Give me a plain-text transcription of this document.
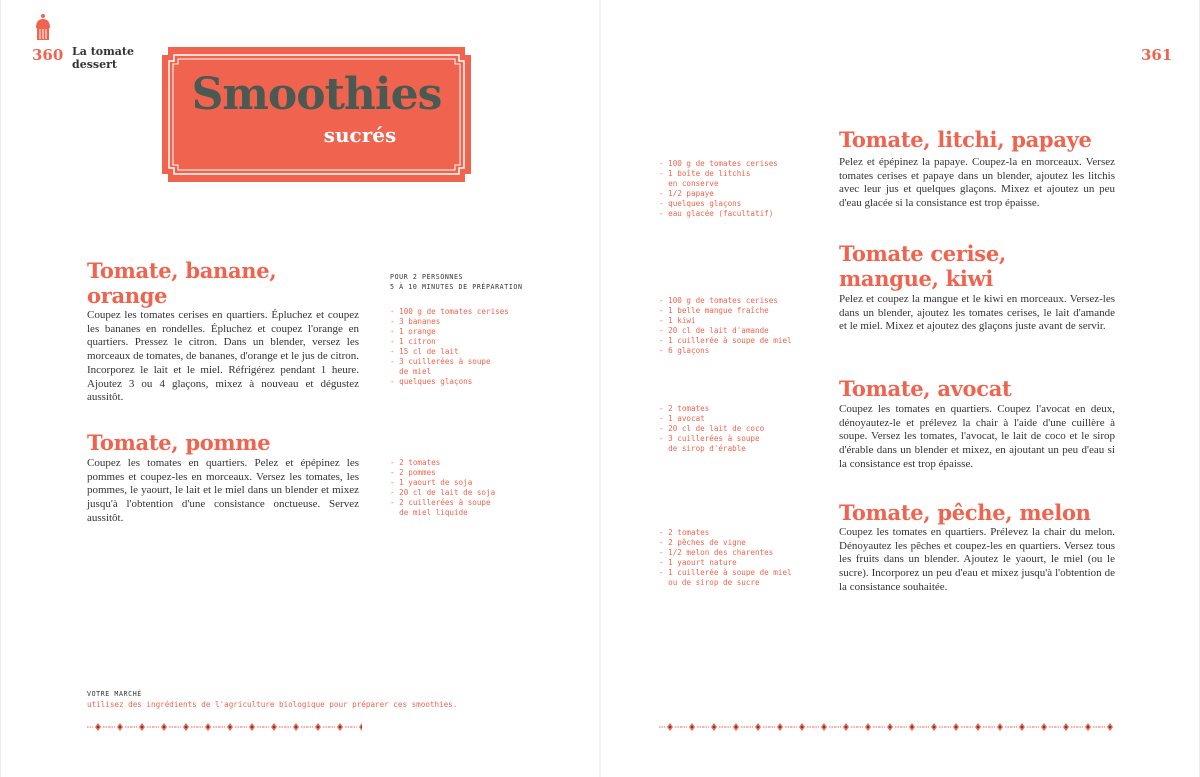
360 La tomate dessert
Smoothies
sucrés
Tomate, banane, orange
Coupez les tomates cerises en quartiers. Épluchez et coupez les bananes en rondelles. Épluchez et coupez l'orange en quartiers. Pressez le citron. Dans un blender, versez les morceaux de tomates, de bananes, d'orange et le jus de citron. Incorporez le lait et le miel. Réfrigérez pendant 1 heure. Ajoutez 3 ou 4 glaçons, mixez à nouveau et dégustez aussitôt.
POUR 2 PERSONNES
5 À 10 MINUTES DE PRÉPARATION
- 100 g de tomates cerises
- 3 bananes
- 1 orange
- 1 citron
- 15 cl de lait
- 3 cuillerées à soupe
de miel
- quelques glaçons
Tomate, pomme
Coupez les tomates en quartiers. Pelez et épépinez les pommes et coupez-les en morceaux. Versez les tomates, les pommes, le yaourt, le lait et le miel dans un blender et mixez jusqu'à l'obtention d'une consistance onctueuse. Servez aussitôt.
- 2 tomates
- 2 pommes
- 1 yaourt de soja
- 20 cl de lait de soja
- 2 cuillerées à soupe
de miel liquide
VOTRE MARCHÉ
utilisez des ingrédients de l'agriculture biologique pour préparer ces smoothies.
361
- 100 g de tomates cerises
- 1 boîte de litchis
en conserve
- 1/2 papaye
- quelques glaçons
- eau glacée (facultatif)
Tomate, litchi, papaye
Pelez et épépinez la papaye. Coupez-la en morceaux. Versez tomates cerises et papaye dans un blender, ajoutez les litchis avec leur jus et quelques glaçons. Mixez et ajoutez un peu d'eau glacée si la consistance est trop épaisse.
- 100 g de tomates cerises
- 1 belle mangue fraîche
- 1 kiwi
- 20 cl de lait d'amande
- 1 cuillerée à soupe de miel
- 6 glaçons
Tomate cerise, mangue, kiwi
Pelez et coupez la mangue et le kiwi en morceaux. Versez-les dans un blender, ajoutez les tomates cerises, le lait d'amande et le miel. Mixez et ajoutez des glaçons juste avant de servir.
- 2 tomates
- 1 avocat
- 20 cl de lait de coco
- 3 cuillerées à soupe
de sirop d'érable
Tomate, avocat
Coupez les tomates en quartiers. Coupez l'avocat en deux, dénoyautez-le et prélevez la chair à l'aide d'une cuillère à soupe. Versez les tomates, l'avocat, le lait de coco et le sirop d'érable dans un blender et mixez, en ajoutant un peu d'eau si la consistance est trop épaisse.
- 2 tomates
- 2 pêches de vigne
- 1/2 melon des charentes
- 1 yaourt nature
- 1 cuillerée à soupe de miel
ou de sirop de sucre
Tomate, pêche, melon
Coupez les tomates en quartiers. Prélevez la chair du melon. Dénoyautez les pêches et coupez-les en quartiers. Versez tous les fruits dans un blender. Ajoutez le yaourt, le miel (ou le sucre). Incorporez un peu d'eau et mixez jusqu'à l'obtention de la consistance souhaitée.
